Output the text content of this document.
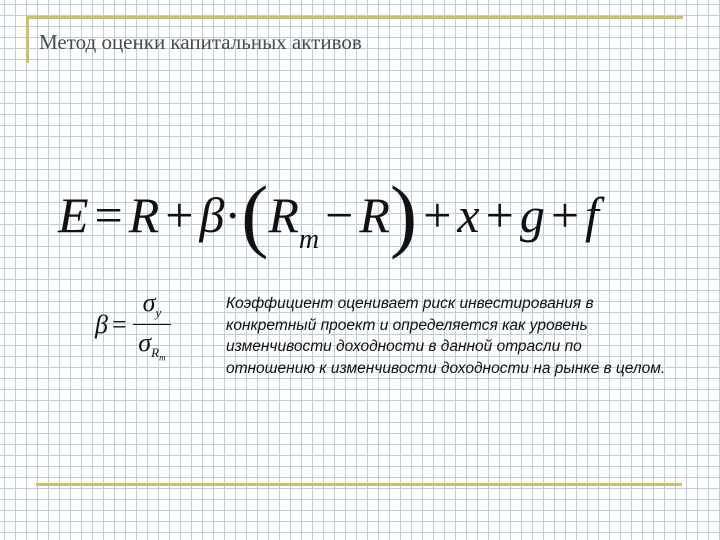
Метод оценки капитальных активов
$E = R + \beta\cdot(R_m - R) + x + g + f$
$\beta = \frac{\sigma_y}{\sigma_{R_m}}$	Коэффициент оценивает риск инвестирования в конкретный проект и определяется как уровень изменчивости доходности в данной отрасли по отношению к изменчивости доходности на рынке в целом.
